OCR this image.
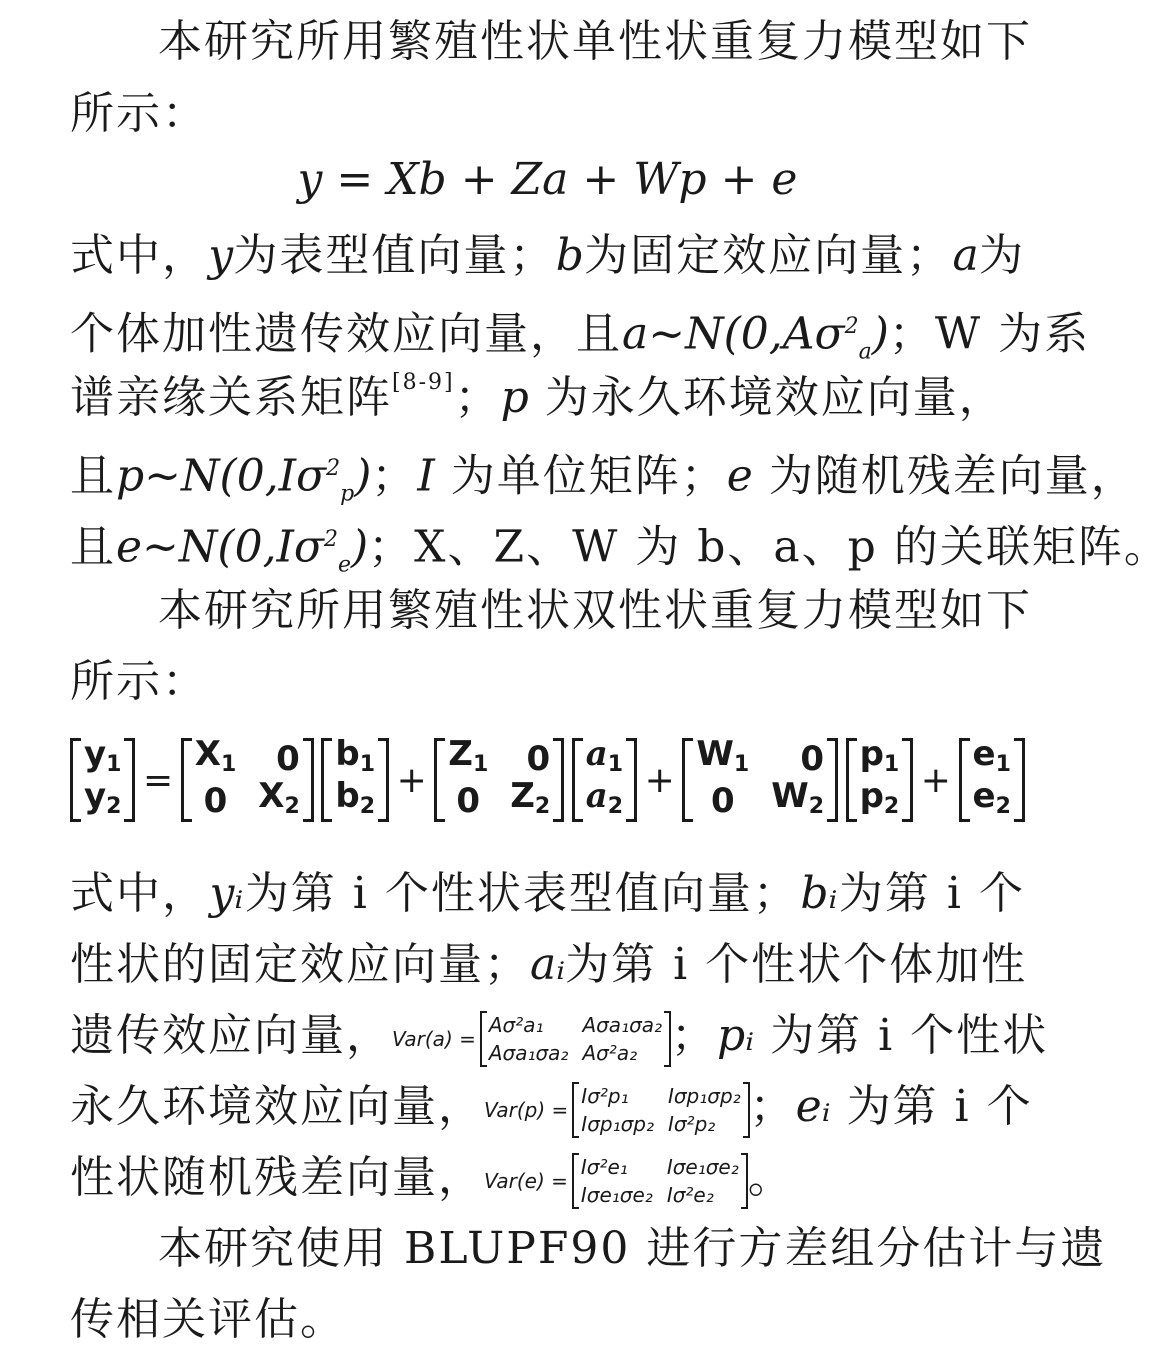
本研究所用繁殖性状单性状重复力模型如下
所示：
y = Xb + Za + Wp + e
式中， y 为表型值向量； b 为固定效应向量； a 为
个体加性遗传效应向量，且$a\sim N(0,A\sigma^2_a)$；W 为系
谱亲缘关系矩阵[8-9]；p 为永久环境效应向量，
且$p\sim N(0,I\sigma^2_p)$；I 为单位矩阵；e 为随机残差向量，
且$e\sim N(0,I\sigma^2_e)$；X、Z、W 为 b、a、p 的关联矩阵。
本研究所用繁殖性状双性状重复力模型如下
所示：
y1
y2
=
X1	0
0 X2
b1
b2
+
Z1	0
0 Z2
a1
a2
+
W1	0
0	W2
p1
p2
+
e1
e2
式中， yᵢ 为第 i 个性状表型值向量； bᵢ 为第 i 个
性状的固定效应向量； aᵢ 为第 i 个性状个体加性
遗传效应向量， Var(a) =
Aσ²a₁	Aσa₁σa₂
Aσa₁σa₂ Aσ²a₂ ；pᵢ 为第 i 个性状
永久环境效应向量， Var(p) =
Iσ²p₁	Iσp₁σp₂
Iσp₁σp₂ Iσ²p₂ ；eᵢ 为第 i 个
性状随机残差向量， Var(e) =
Iσ²e₁	Iσe₁σe₂
Iσe₁σe₂ Iσ²e₂ 。
本研究使用 BLUPF90 进行方差组分估计与遗
传相关评估。
